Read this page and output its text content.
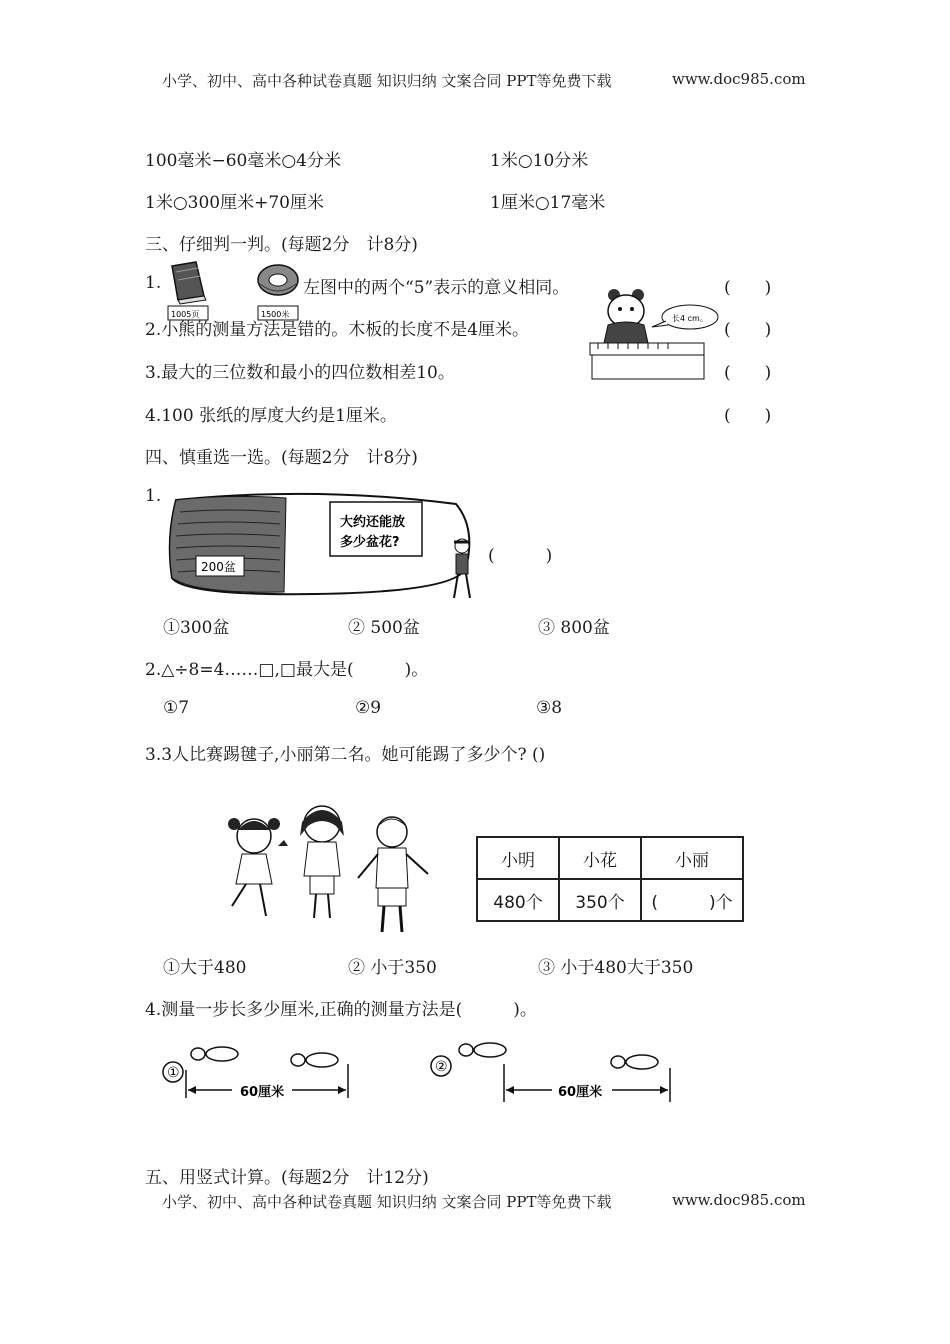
小学、初中、高中各种试卷真题 知识归纳 文案合同 PPT等免费下载	www.doc985.com
100毫米−60毫米○4分米	1米○10分米
1米○300厘米+70厘米	1厘米○17毫米
三、仔细判一判。(每题2分　计8分)
1.
1005页	1500米
左图中的两个“5”表示的意义相同。	(　　)
2.小熊的测量方法是错的。木板的长度不是4厘米。	(　　)
长4 cm。
3.最大的三位数和最小的四位数相差10。	(　　)
4.100 张纸的厚度大约是1厘米。	(　　)
四、慎重选一选。(每题2分　计8分)
1.
200盆
大约还能放
多少盆花?
(　　　)
①300盆	② 500盆	③ 800盆
2.△÷8=4……□,□最大是(　　　)。
①7	②9	③8
3.3人比赛踢毽子,小丽第二名。她可能踢了多少个? ()
小明	小花	小丽
480个	350个	(　　　)个
①大于480	② 小于350	③ 小于480大于350
4.测量一步长多少厘米,正确的测量方法是(　　　)。
①
60厘米
②
60厘米
五、用竖式计算。(每题2分　计12分)
小学、初中、高中各种试卷真题 知识归纳 文案合同 PPT等免费下载	www.doc985.com
